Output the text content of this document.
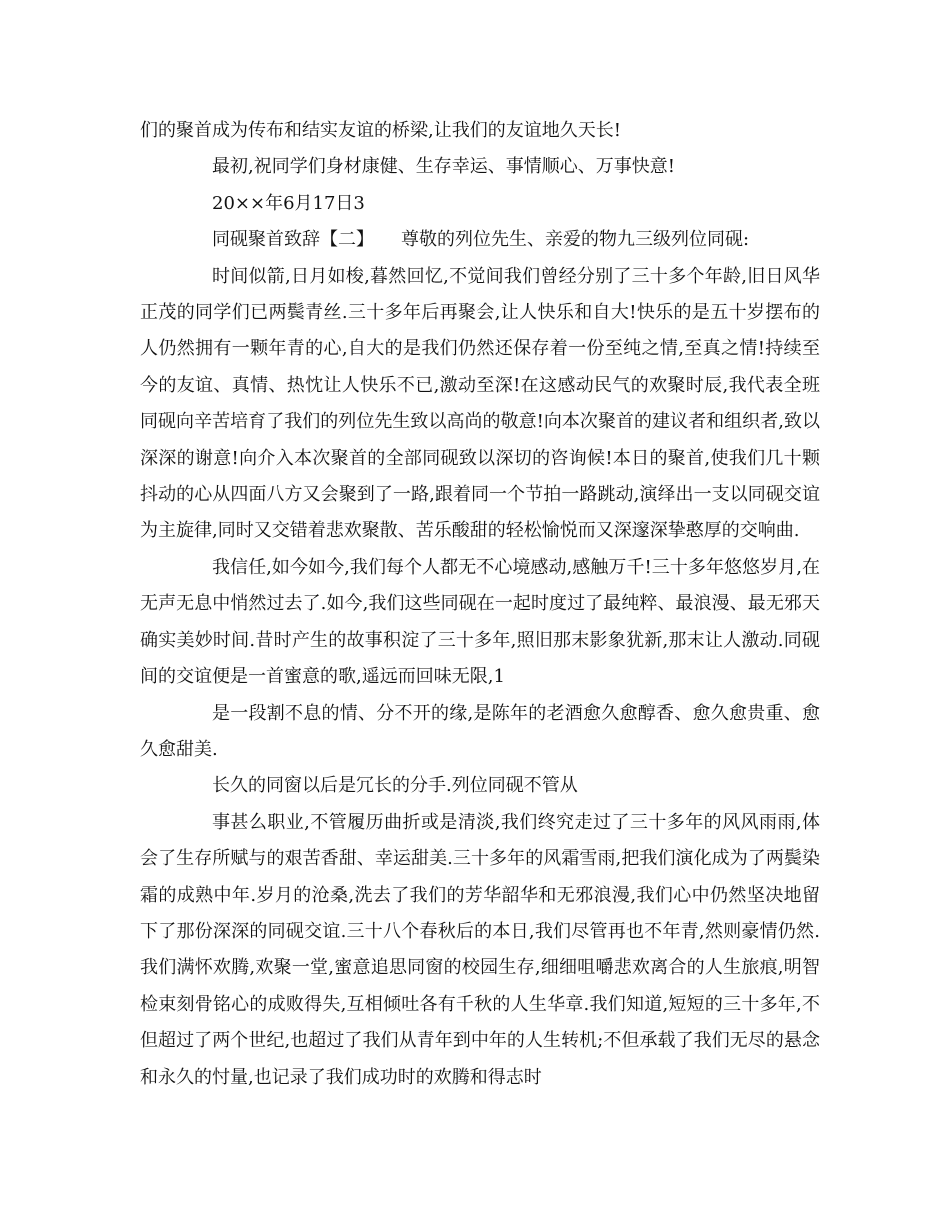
们的聚首成为传布和结实友谊的桥梁,让我们的友谊地久天长!

最初,祝同学们身材康健、生存幸运、事情顺心、万事快意!

20××年6月17日3

同砚聚首致辞【二】　　尊敬的列位先生、亲爱的物九三级列位同砚:

时间似箭,日月如梭,暮然回忆,不觉间我们曾经分别了三十多个年龄,旧日风华正茂的同学们已两鬓青丝.三十多年后再聚会,让人快乐和自大!快乐的是五十岁摆布的人仍然拥有一颗年青的心,自大的是我们仍然还保存着一份至纯之情,至真之情!持续至今的友谊、真情、热忱让人快乐不已,激动至深!在这感动民气的欢聚时辰,我代表全班同砚向辛苦培育了我们的列位先生致以高尚的敬意!向本次聚首的建议者和组织者,致以深深的谢意!向介入本次聚首的全部同砚致以深切的咨询候!本日的聚首,使我们几十颗抖动的心从四面八方又会聚到了一路,跟着同一个节拍一路跳动,演绎出一支以同砚交谊为主旋律,同时又交错着悲欢聚散、苦乐酸甜的轻松愉悦而又深邃深挚憨厚的交响曲.

我信任,如今如今,我们每个人都无不心境感动,感触万千!三十多年悠悠岁月,在无声无息中悄然过去了.如今,我们这些同砚在一起时度过了最纯粹、最浪漫、最无邪天确实美妙时间.昔时产生的故事积淀了三十多年,照旧那末影象犹新,那末让人激动.同砚间的交谊便是一首蜜意的歌,遥远而回味无限,1

是一段割不息的情、分不开的缘,是陈年的老酒愈久愈醇香、愈久愈贵重、愈久愈甜美.

长久的同窗以后是冗长的分手.列位同砚不管从

事甚么职业,不管履历曲折或是清淡,我们终究走过了三十多年的风风雨雨,体会了生存所赋与的艰苦香甜、幸运甜美.三十多年的风霜雪雨,把我们演化成为了两鬓染霜的成熟中年.岁月的沧桑,洗去了我们的芳华韶华和无邪浪漫,我们心中仍然坚决地留下了那份深深的同砚交谊.三十八个春秋后的本日,我们尽管再也不年青,然则豪情仍然.我们满怀欢腾,欢聚一堂,蜜意追思同窗的校园生存,细细咀嚼悲欢离合的人生旅痕,明智检束刻骨铭心的成败得失,互相倾吐各有千秋的人生华章.我们知道,短短的三十多年,不但超过了两个世纪,也超过了我们从青年到中年的人生转机;不但承载了我们无尽的悬念和永久的忖量,也记录了我们成功时的欢腾和得志时
